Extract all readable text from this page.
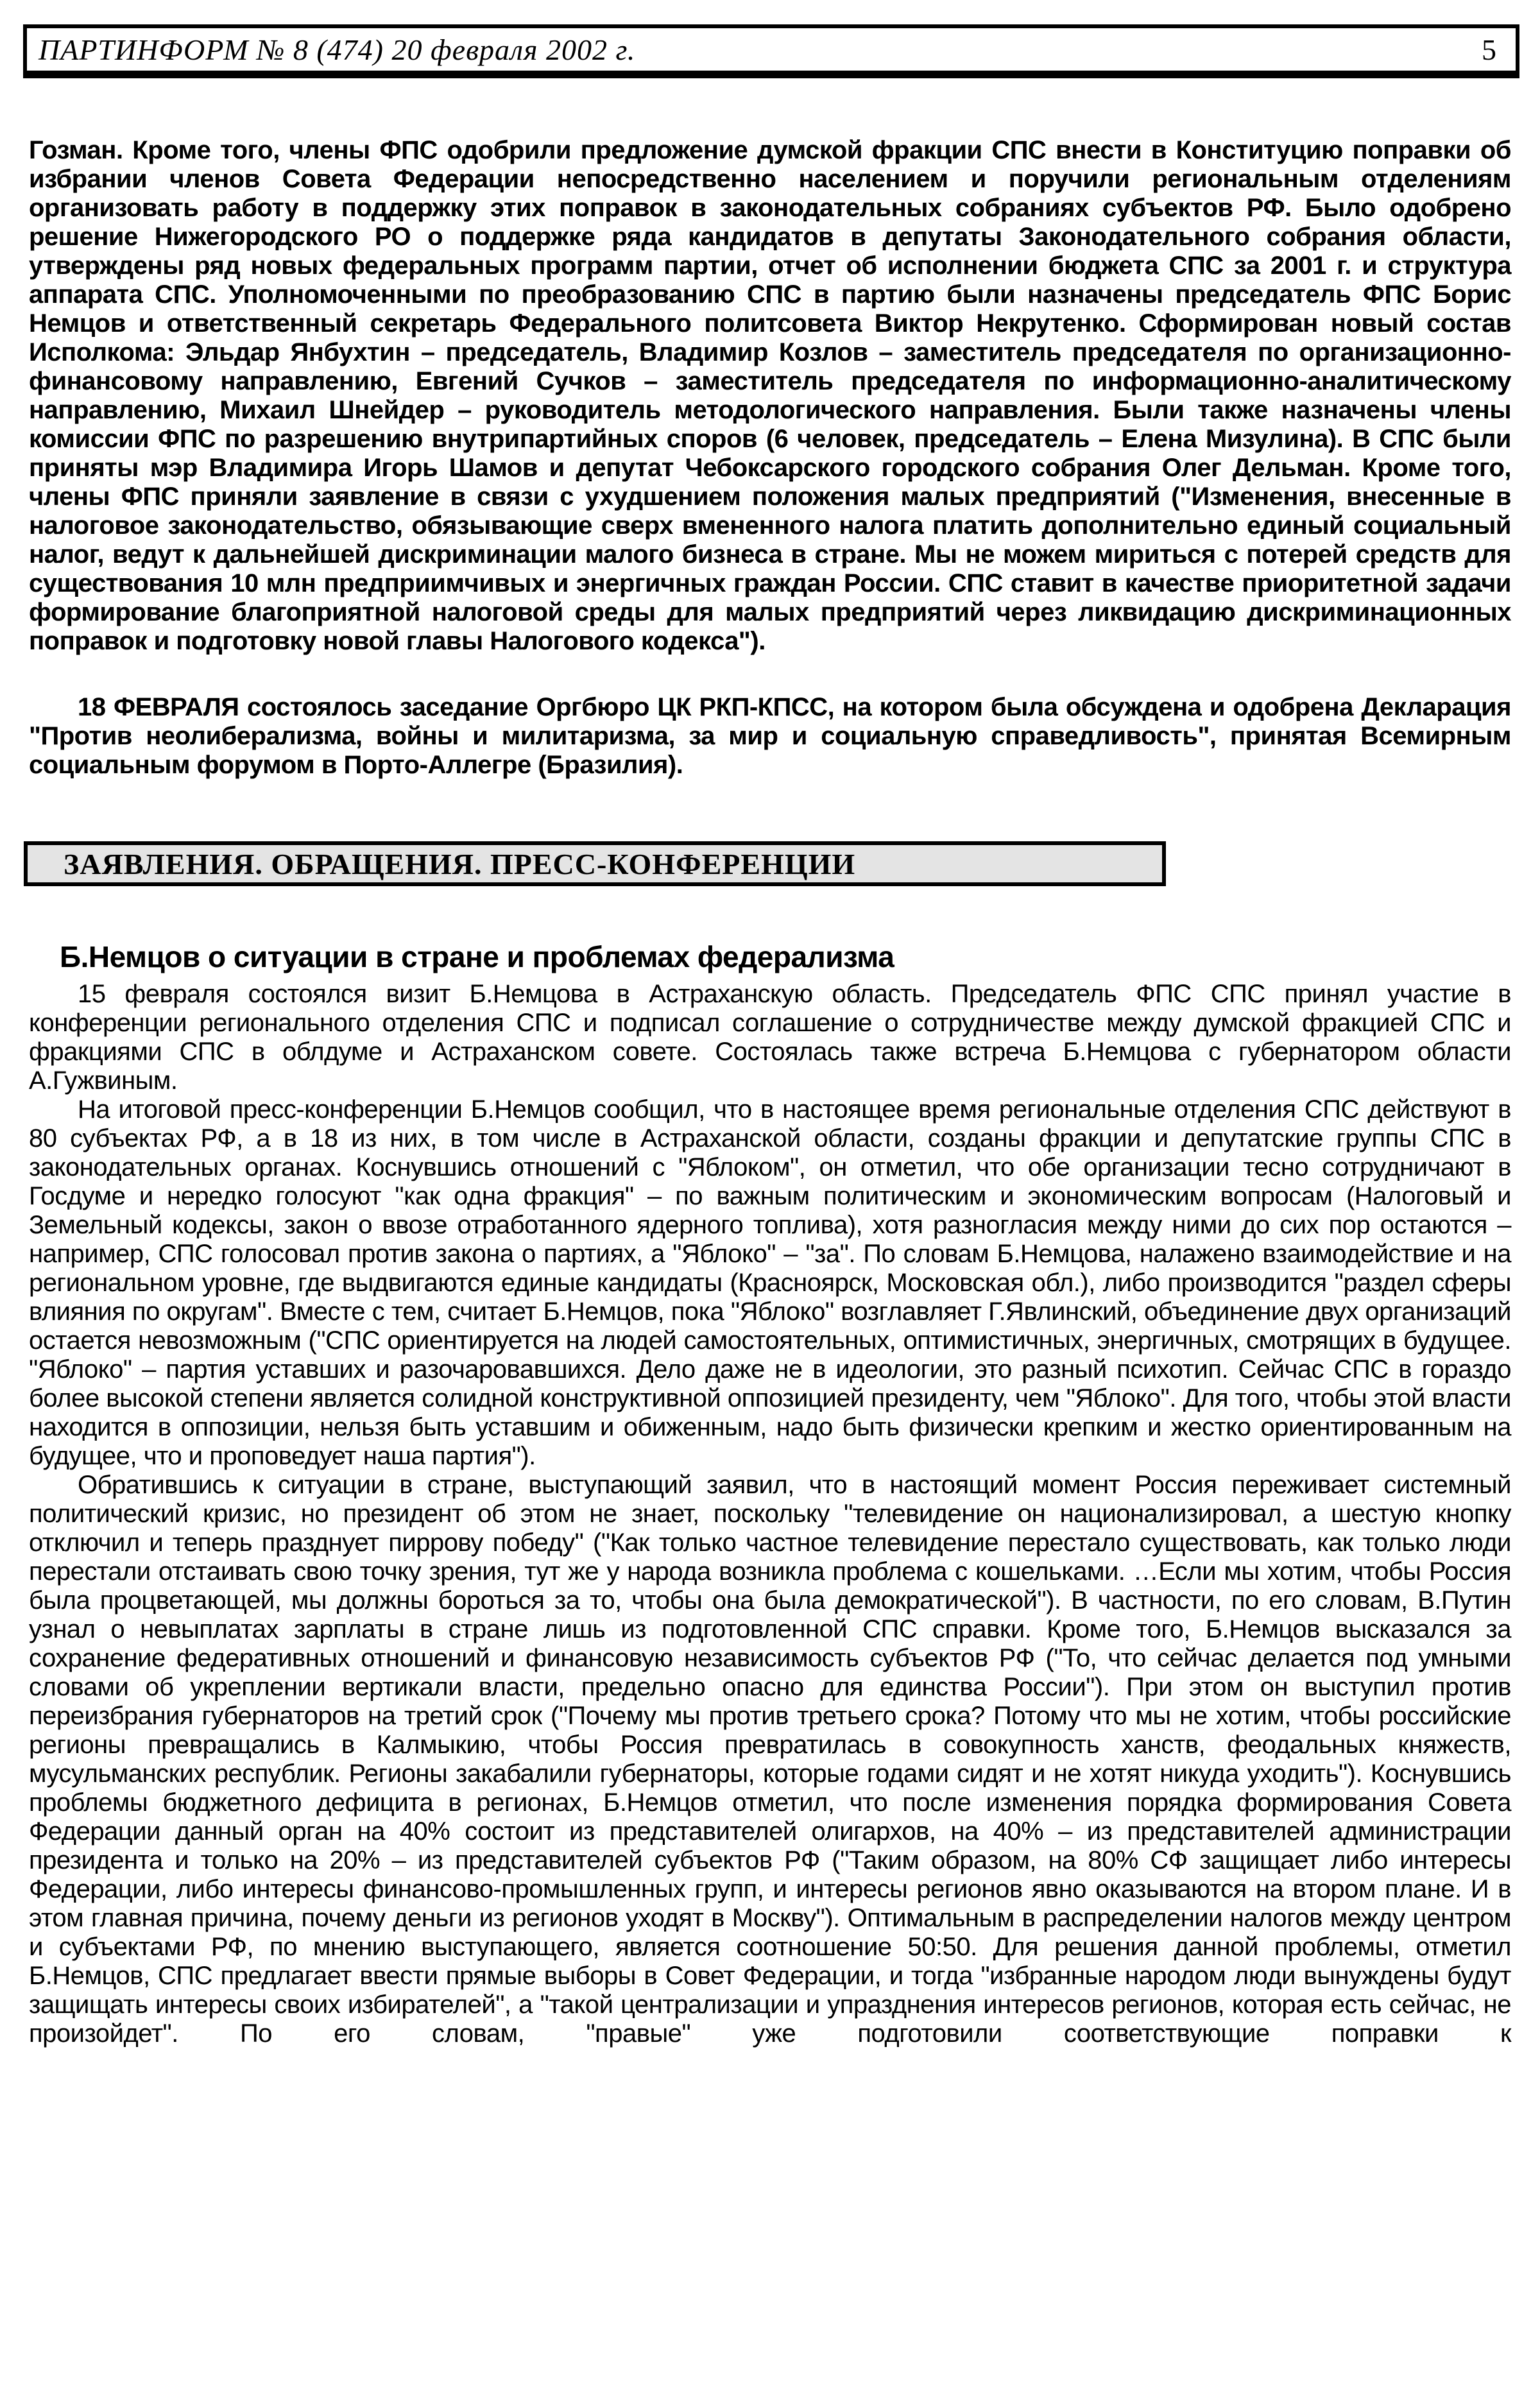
ПАРТИНФОРМ № 8 (474) 20 февраля 2002 г.	5

Гозман. Кроме того, члены ФПС одобрили предложение думской фракции СПС внести в Конституцию поправки об избрании членов Совета Федерации непосредственно населением и поручили региональным отделениям организовать работу в поддержку этих поправок в законодательных собраниях субъектов РФ. Было одобрено решение Нижегородского РО о поддержке ряда кандидатов в депутаты Законодательного собрания области, утверждены ряд новых федеральных программ партии, отчет об исполнении бюджета СПС за 2001 г. и структура аппарата СПС. Уполномоченными по преобразованию СПС в партию были назначены председатель ФПС Борис Немцов и ответственный секретарь Федерального политсовета Виктор Некрутенко. Сформирован новый состав Исполкома: Эльдар Янбухтин – председатель, Владимир Козлов – заместитель председателя по организационно-финансовому направлению, Евгений Сучков – заместитель председателя по информационно-аналитическому направлению, Михаил Шнейдер – руководитель методологического направления. Были также назначены члены комиссии ФПС по разрешению внутрипартийных споров (6 человек, председатель – Елена Мизулина). В СПС были приняты мэр Владимира Игорь Шамов и депутат Чебоксарского городского собрания Олег Дельман. Кроме того, члены ФПС приняли заявление в связи с ухудшением положения малых предприятий ("Изменения, внесенные в налоговое законодательство, обязывающие сверх вмененного налога платить дополнительно единый социальный налог, ведут к дальнейшей дискриминации малого бизнеса в стране. Мы не можем мириться с потерей средств для существования 10 млн предприимчивых и энергичных граждан России. СПС ставит в качестве приоритетной задачи формирование благоприятной налоговой среды для малых предприятий через ликвидацию дискриминационных поправок и подготовку новой главы Налогового кодекса").

18 ФЕВРАЛЯ состоялось заседание Оргбюро ЦК РКП-КПСС, на котором была обсуждена и одобрена Декларация "Против неолиберализма, войны и милитаризма, за мир и социальную справедливость", принятая Всемирным социальным форумом в Порто-Аллегре (Бразилия).

ЗАЯВЛЕНИЯ. ОБРАЩЕНИЯ. ПРЕСС-КОНФЕРЕНЦИИ
Б.Немцов о ситуации в стране и проблемах федерализма

15 февраля состоялся визит Б.Немцова в Астраханскую область. Председатель ФПС СПС принял участие в конференции регионального отделения СПС и подписал соглашение о сотрудничестве между думской фракцией СПС и фракциями СПС в облдуме и Астраханском совете. Состоялась также встреча Б.Немцова с губернатором области А.Гужвиным.

На итоговой пресс-конференции Б.Немцов сообщил, что в настоящее время региональные отделения СПС действуют в 80 субъектах РФ, а в 18 из них, в том числе в Астраханской области, созданы фракции и депутатские группы СПС в законодательных органах. Коснувшись отношений с "Яблоком", он отметил, что обе организации тесно сотрудничают в Госдуме и нередко голосуют "как одна фракция" – по важным политическим и экономическим вопросам (Налоговый и Земельный кодексы, закон о ввозе отработанного ядерного топлива), хотя разногласия между ними до сих пор остаются – например, СПС голосовал против закона о партиях, а "Яблоко" – "за". По словам Б.Немцова, налажено взаимодействие и на региональном уровне, где выдвигаются единые кандидаты (Красноярск, Московская обл.), либо производится "раздел сферы влияния по округам". Вместе с тем, считает Б.Немцов, пока "Яблоко" возглавляет Г.Явлинский, объединение двух организаций остается невозможным ("СПС ориентируется на людей самостоятельных, оптимистичных, энергичных, смотрящих в будущее. "Яблоко" – партия уставших и разочаровавшихся. Дело даже не в идеологии, это разный психотип. Сейчас СПС в гораздо более высокой степени является солидной конструктивной оппозицией президенту, чем "Яблоко". Для того, чтобы этой власти находится в оппозиции, нельзя быть уставшим и обиженным, надо быть физически крепким и жестко ориентированным на будущее, что и проповедует наша партия").

Обратившись к ситуации в стране, выступающий заявил, что в настоящий момент Россия переживает системный политический кризис, но президент об этом не знает, поскольку "телевидение он национализировал, а шестую кнопку отключил и теперь празднует пиррову победу" ("Как только частное телевидение перестало существовать, как только люди перестали отстаивать свою точку зрения, тут же у народа возникла проблема с кошельками. …Если мы хотим, чтобы Россия была процветающей, мы должны бороться за то, чтобы она была демократической"). В частности, по его словам, В.Путин узнал о невыплатах зарплаты в стране лишь из подготовленной СПС справки. Кроме того, Б.Немцов высказался за сохранение федеративных отношений и финансовую независимость субъектов РФ ("То, что сейчас делается под умными словами об укреплении вертикали власти, предельно опасно для единства России"). При этом он выступил против переизбрания губернаторов на третий срок ("Почему мы против третьего срока? Потому что мы не хотим, чтобы российские регионы превращались в Калмыкию, чтобы Россия превратилась в совокупность ханств, феодальных княжеств, мусульманских республик. Регионы закабалили губернаторы, которые годами сидят и не хотят никуда уходить"). Коснувшись проблемы бюджетного дефицита в регионах, Б.Немцов отметил, что после изменения порядка формирования Совета Федерации данный орган на 40% состоит из представителей олигархов, на 40% – из представителей администрации президента и только на 20% – из представителей субъектов РФ ("Таким образом, на 80% СФ защищает либо интересы Федерации, либо интересы финансово-промышленных групп, и интересы регионов явно оказываются на втором плане. И в этом главная причина, почему деньги из регионов уходят в Москву"). Оптимальным в распределении налогов между центром и субъектами РФ, по мнению выступающего, является соотношение 50:50. Для решения данной проблемы, отметил Б.Немцов, СПС предлагает ввести прямые выборы в Совет Федерации, и тогда "избранные народом люди вынуждены будут защищать интересы своих избирателей", а "такой централизации и упразднения интересов регионов, которая есть сейчас, не произойдет". По его словам, "правые" уже подготовили соответствующие поправки к
